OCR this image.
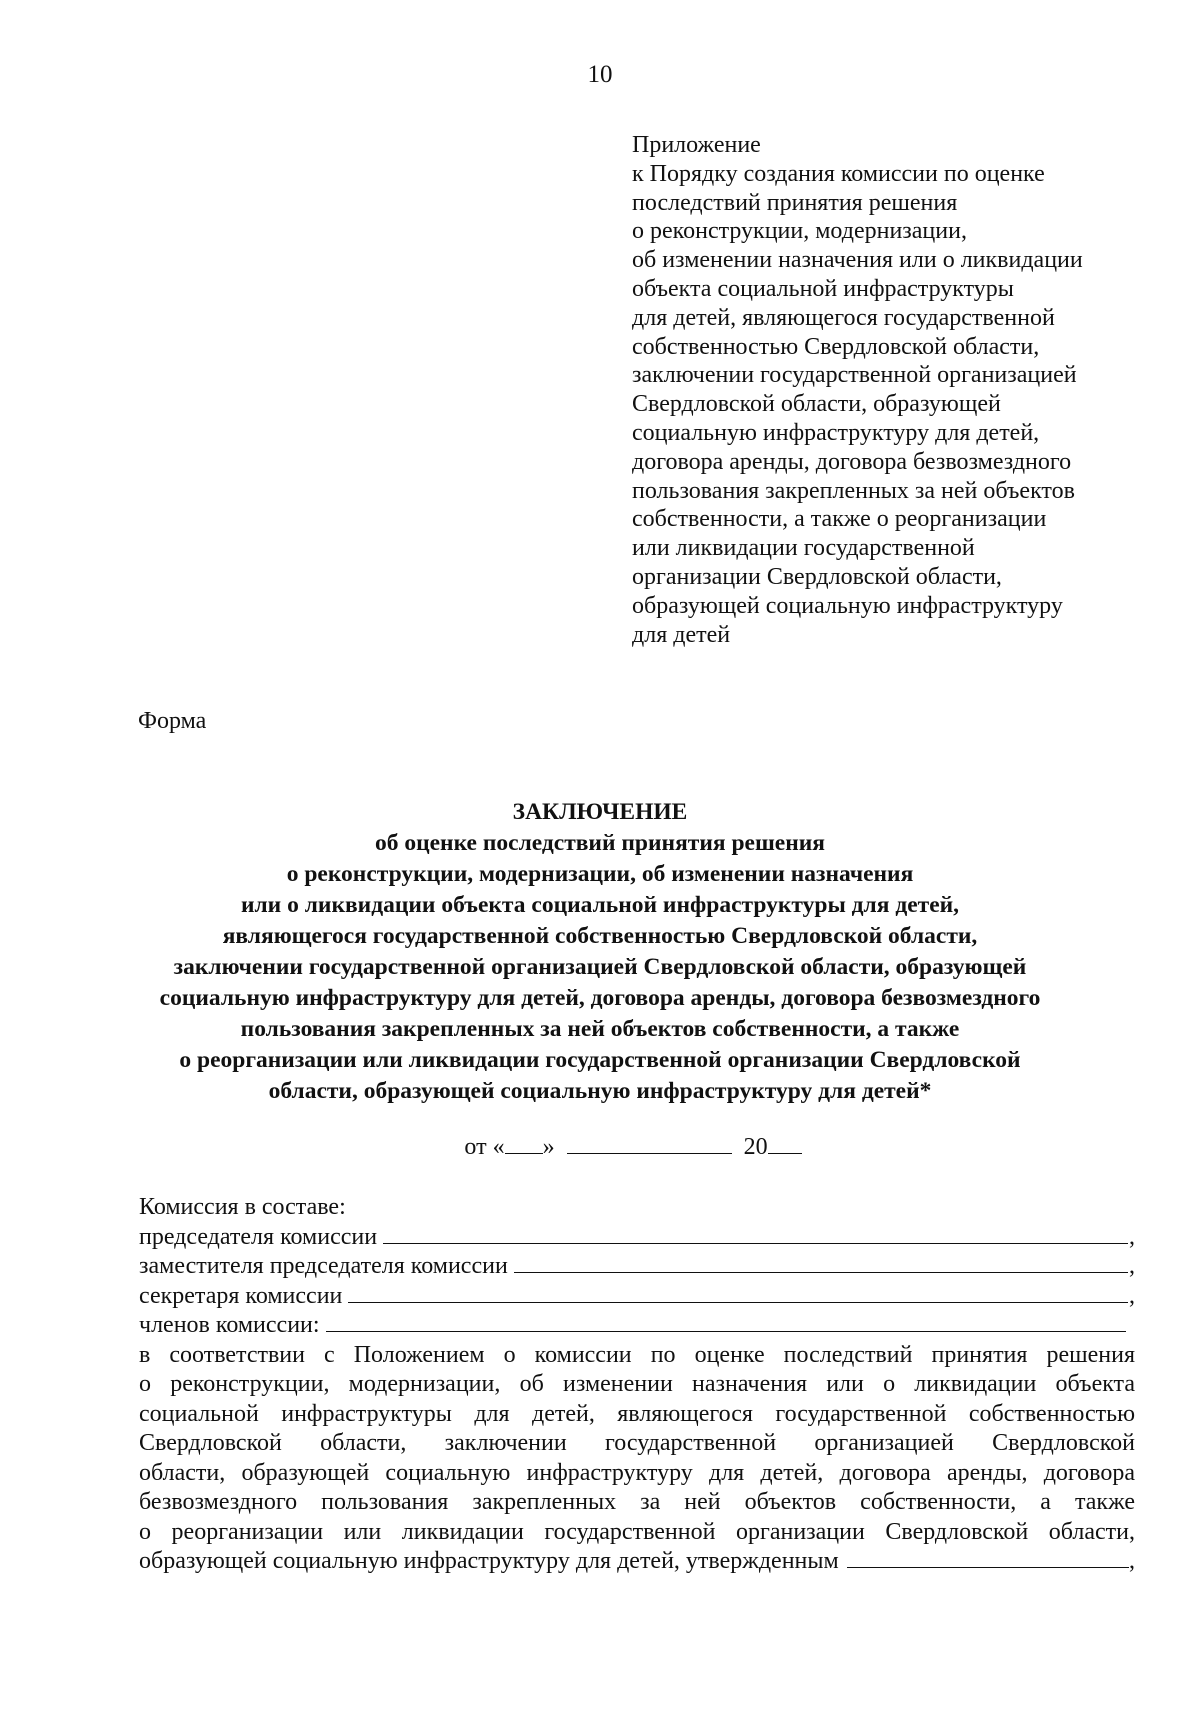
10
Приложение
к Порядку создания комиссии по оценке
последствий принятия решения
о реконструкции, модернизации,
об изменении назначения или о ликвидации
объекта социальной инфраструктуры
для детей, являющегося государственной
собственностью Свердловской области,
заключении государственной организацией
Свердловской области, образующей
социальную инфраструктуру для детей,
договора аренды, договора безвозмездного
пользования закрепленных за ней объектов
собственности, а также о реорганизации
или ликвидации государственной
организации Свердловской области,
образующей социальную инфраструктуру
для детей
Форма
ЗАКЛЮЧЕНИЕ
об оценке последствий принятия решения
о реконструкции, модернизации, об изменении назначения
или о ликвидации объекта социальной инфраструктуры для детей,
являющегося государственной собственностью Свердловской области,
заключении государственной организацией Свердловской области, образующей
социальную инфраструктуру для детей, договора аренды, договора безвозмездного
пользования закрепленных за ней объектов собственности, а также
о реорганизации или ликвидации государственной организации Свердловской
области, образующей социальную инфраструктуру для детей*
от « »	20
Комиссия в составе:
председателя комиссии	,
заместителя председателя комиссии	,
секретаря комиссии	,
членов комиссии:
в соответствии с Положением о комиссии по оценке последствий принятия решения
о реконструкции, модернизации, об изменении назначения или о ликвидации объекта
социальной инфраструктуры для детей, являющегося государственной собственностью
Свердловской области, заключении государственной организацией Свердловской
области, образующей социальную инфраструктуру для детей, договора аренды, договора
безвозмездного пользования закрепленных за ней объектов собственности, а также
о реорганизации или ликвидации государственной организации Свердловской области,
образующей социальную инфраструктуру для детей, утвержденным	,
